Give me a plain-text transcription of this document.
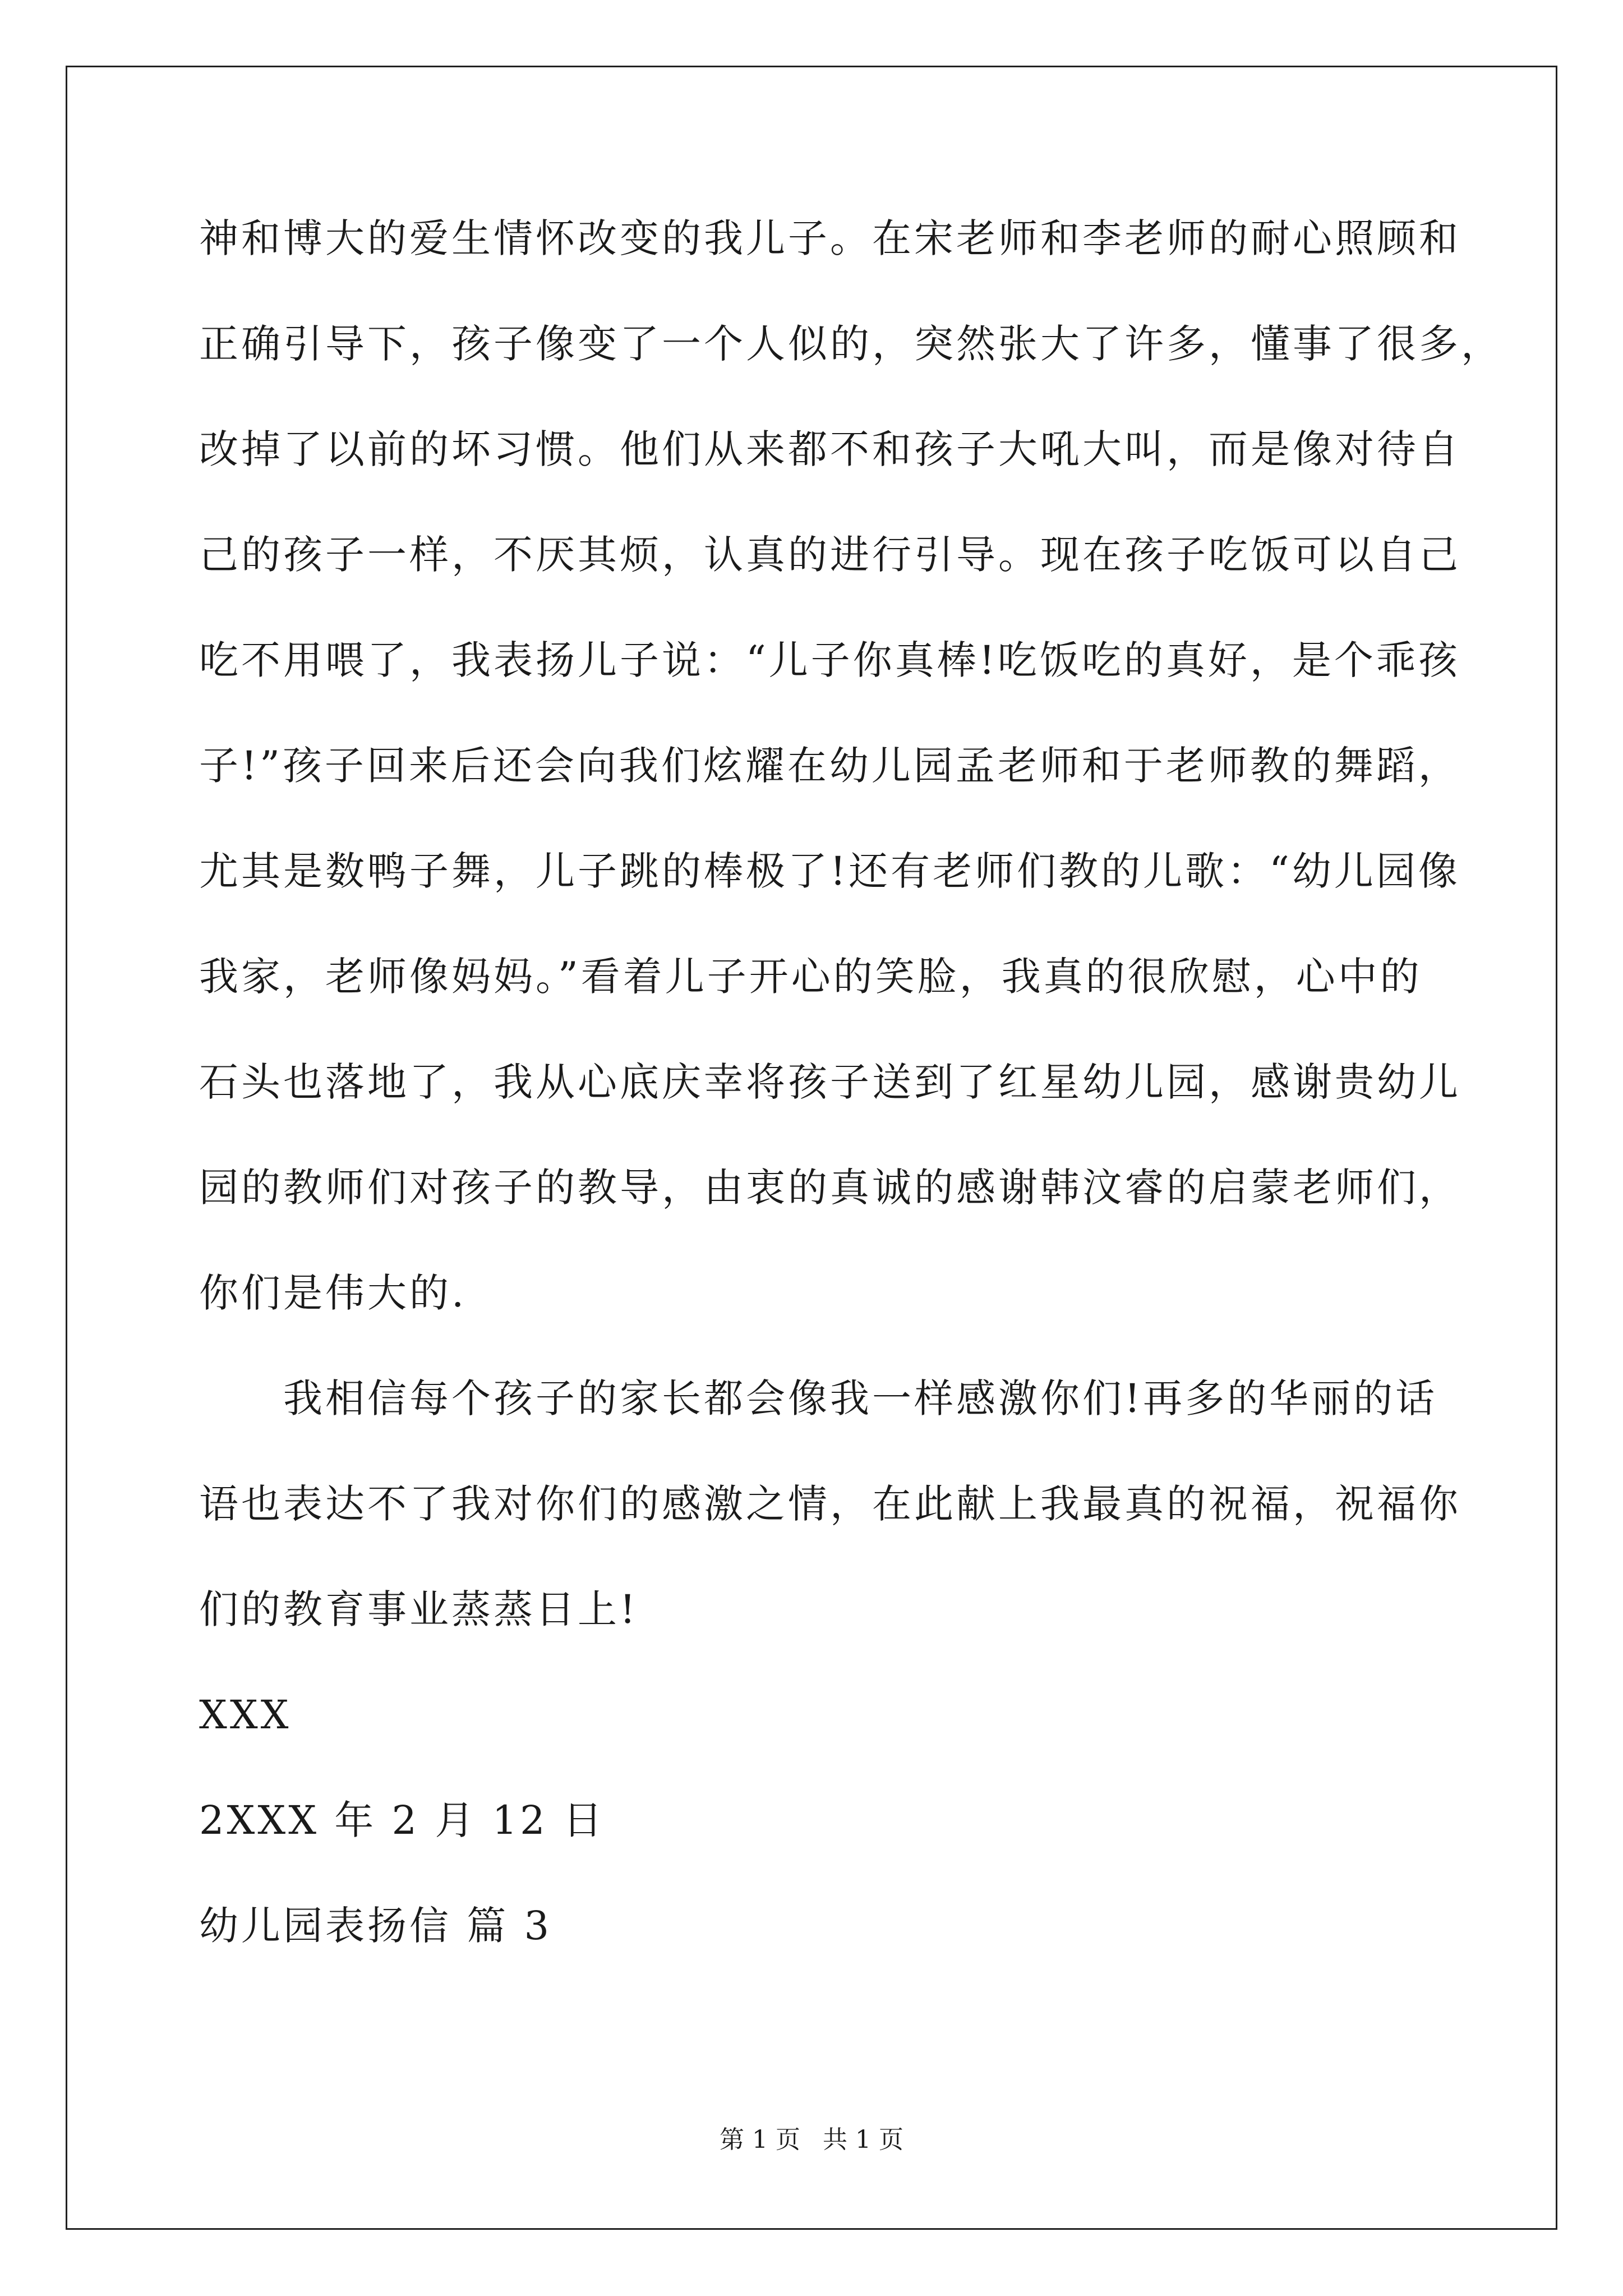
神和博大的爱生情怀改变的我儿子。在宋老师和李老师的耐心照顾和
正确引导下，孩子像变了一个人似的，突然张大了许多，懂事了很多，
改掉了以前的坏习惯。他们从来都不和孩子大吼大叫，而是像对待自
己的孩子一样，不厌其烦，认真的进行引导。现在孩子吃饭可以自己
吃不用喂了，我表扬儿子说：“儿子你真棒!吃饭吃的真好，是个乖孩
子!”孩子回来后还会向我们炫耀在幼儿园孟老师和于老师教的舞蹈，
尤其是数鸭子舞，儿子跳的棒极了!还有老师们教的儿歌：“幼儿园像
我家，老师像妈妈。”看着儿子开心的笑脸，我真的很欣慰，心中的
石头也落地了，我从心底庆幸将孩子送到了红星幼儿园，感谢贵幼儿
园的教师们对孩子的教导，由衷的真诚的感谢韩汶睿的启蒙老师们，
你们是伟大的.
我相信每个孩子的家长都会像我一样感激你们!再多的华丽的话
语也表达不了我对你们的感激之情，在此献上我最真的祝福，祝福你
们的教育事业蒸蒸日上!
XXX
2XXX 年 2 月 12 日
幼儿园表扬信 篇 3
第 1 页 共 1 页
